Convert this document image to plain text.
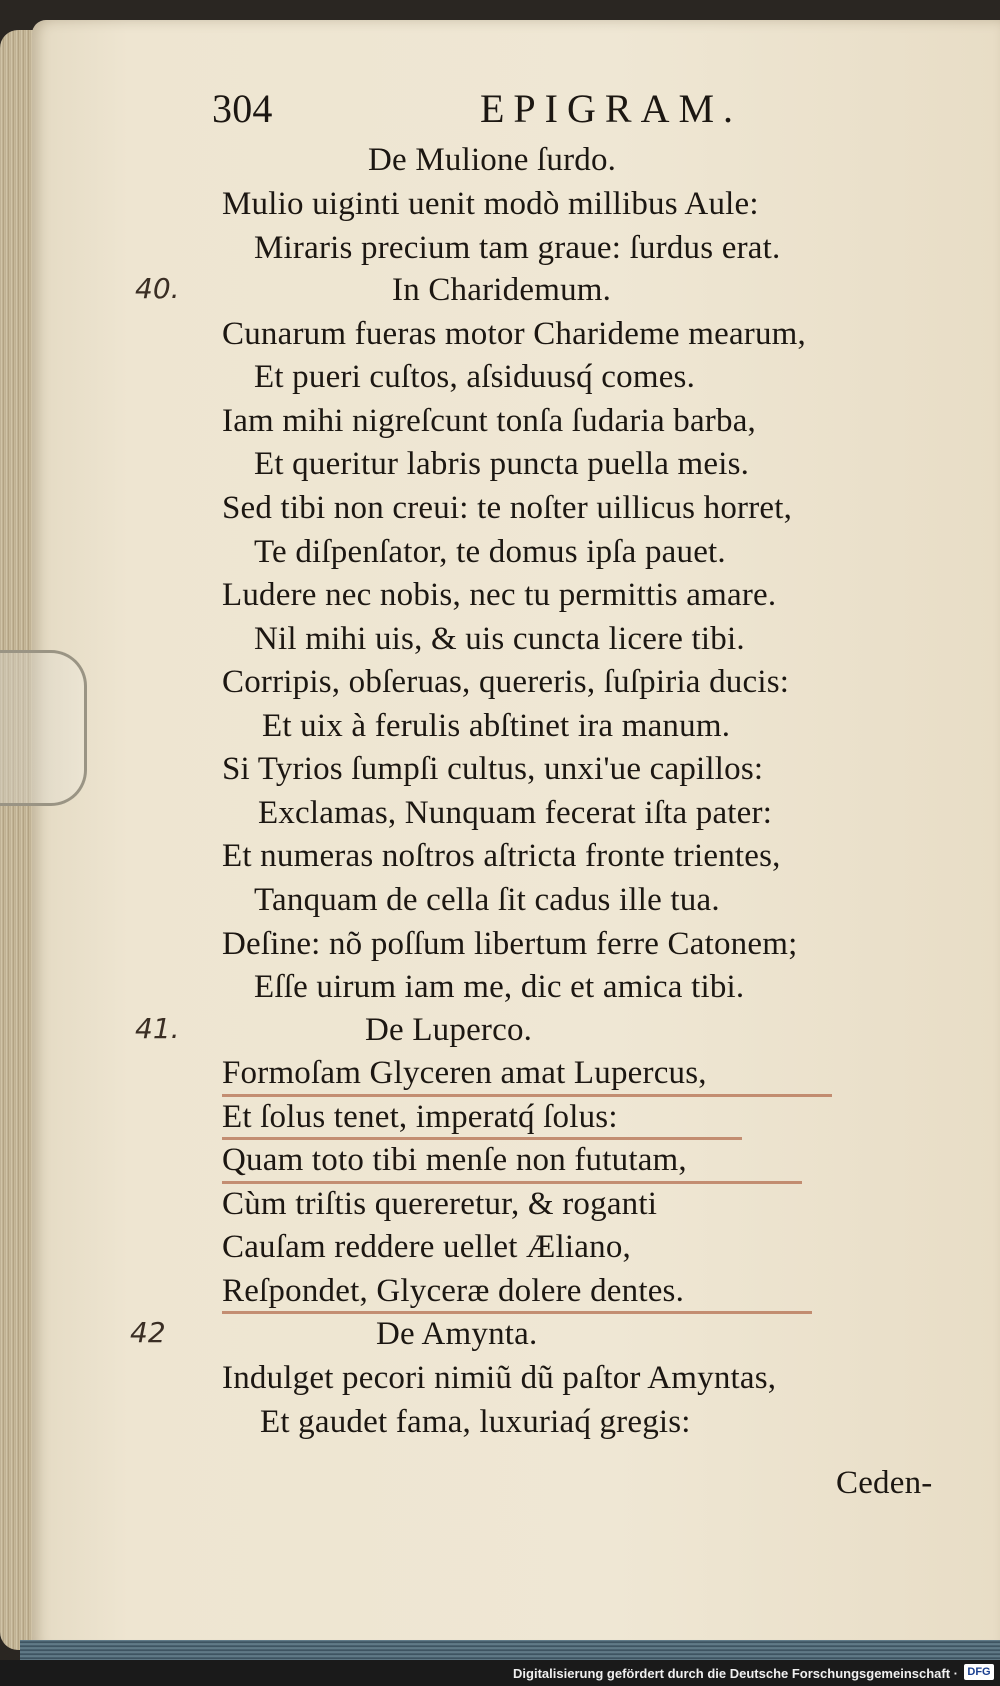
304	EPIGRAM.
De Mulione ſurdo.
Mulio uiginti uenit modò millibus Aule:
Miraris precium tam graue: ſurdus erat.
40.	In Charidemum.
Cunarum fueras motor Charideme mearum,
Et pueri cuſtos, aſsiduusq́ comes.
Iam mihi nigreſcunt tonſa ſudaria barba,
Et queritur labris puncta puella meis.
Sed tibi non creui: te noſter uillicus horret,
Te diſpenſator, te domus ipſa pauet.
Ludere nec nobis, nec tu permittis amare.
Nil mihi uis, & uis cuncta licere tibi.
Corripis, obſeruas, quereris, ſuſpiria ducis:
Et uix à ferulis abſtinet ira manum.
Si Tyrios ſumpſi cultus, unxi'ue capillos:
Exclamas, Nunquam fecerat iſta pater:
Et numeras noſtros aſtricta fronte trientes,
Tanquam de cella ſit cadus ille tua.
Deſine: nõ poſſum libertum ferre Catonem;
Eſſe uirum iam me, dic et amica tibi.
41.	De Luperco.
Formoſam Glyceren amat Lupercus,
Et ſolus tenet, imperatq́ ſolus:
Quam toto tibi menſe non fututam,
Cùm triſtis quereretur, & roganti
Cauſam reddere uellet Æliano,
Reſpondet, Glyceræ dolere dentes.
42	De Amynta.
Indulget pecori nimiũ dũ paſtor Amyntas,
Et gaudet fama, luxuriaq́ gregis:
Ceden-
Digitalisierung gefördert durch die Deutsche Forschungsgemeinschaft · DFG
